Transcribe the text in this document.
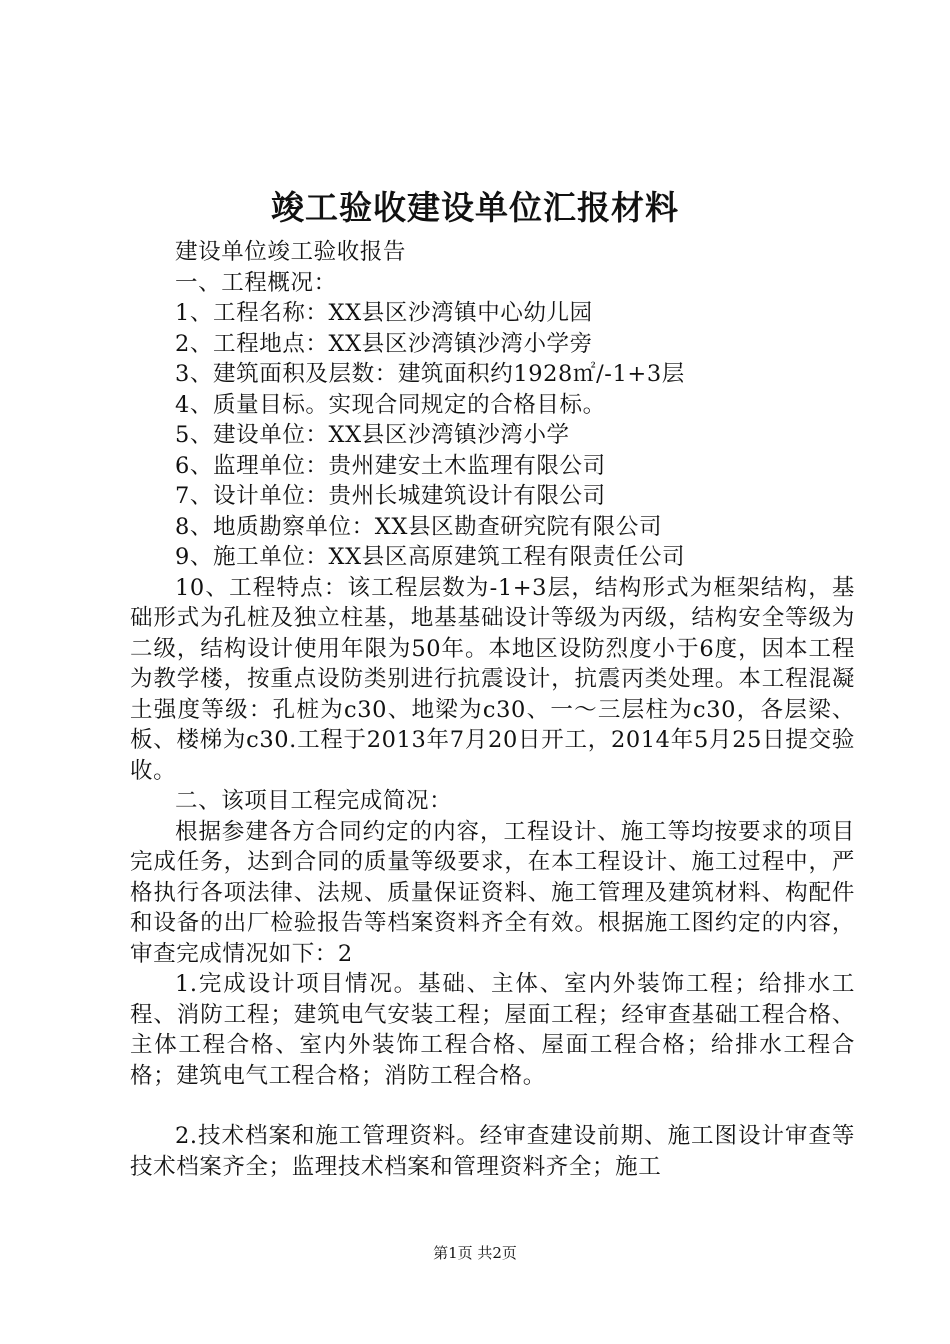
竣工验收建设单位汇报材料

建设单位竣工验收报告

一、工程概况：

1、工程名称：XX县区沙湾镇中心幼儿园

2、工程地点：XX县区沙湾镇沙湾小学旁

3、建筑面积及层数：建筑面积约1928㎡/-1+3层

4、质量目标。实现合同规定的合格目标。

5、建设单位：XX县区沙湾镇沙湾小学

6、监理单位：贵州建安土木监理有限公司

7、设计单位：贵州长城建筑设计有限公司

8、地质勘察单位：XX县区勘查研究院有限公司

9、施工单位：XX县区高原建筑工程有限责任公司

10、工程特点：该工程层数为-1+3层，结构形式为框架结构，基础形式为孔桩及独立柱基，地基基础设计等级为丙级，结构安全等级为二级，结构设计使用年限为50年。本地区设防烈度小于6度，因本工程为教学楼，按重点设防类别进行抗震设计，抗震丙类处理。本工程混凝土强度等级：孔桩为c30、地梁为c30、一～三层柱为c30，各层梁、板、楼梯为c30.工程于2013年7月20日开工，2014年5月25日提交验收。

二、该项目工程完成简况：

根据参建各方合同约定的内容，工程设计、施工等均按要求的项目完成任务，达到合同的质量等级要求，在本工程设计、施工过程中，严格执行各项法律、法规、质量保证资料、施工管理及建筑材料、构配件和设备的出厂检验报告等档案资料齐全有效。根据施工图约定的内容，审查完成情况如下：2

1.完成设计项目情况。基础、主体、室内外装饰工程；给排水工程、消防工程；建筑电气安装工程；屋面工程；经审查基础工程合格、主体工程合格、室内外装饰工程合格、屋面工程合格；给排水工程合格；建筑电气工程合格；消防工程合格。

2.技术档案和施工管理资料。经审查建设前期、施工图设计审查等技术档案齐全；监理技术档案和管理资料齐全；施工

第1页 共2页
